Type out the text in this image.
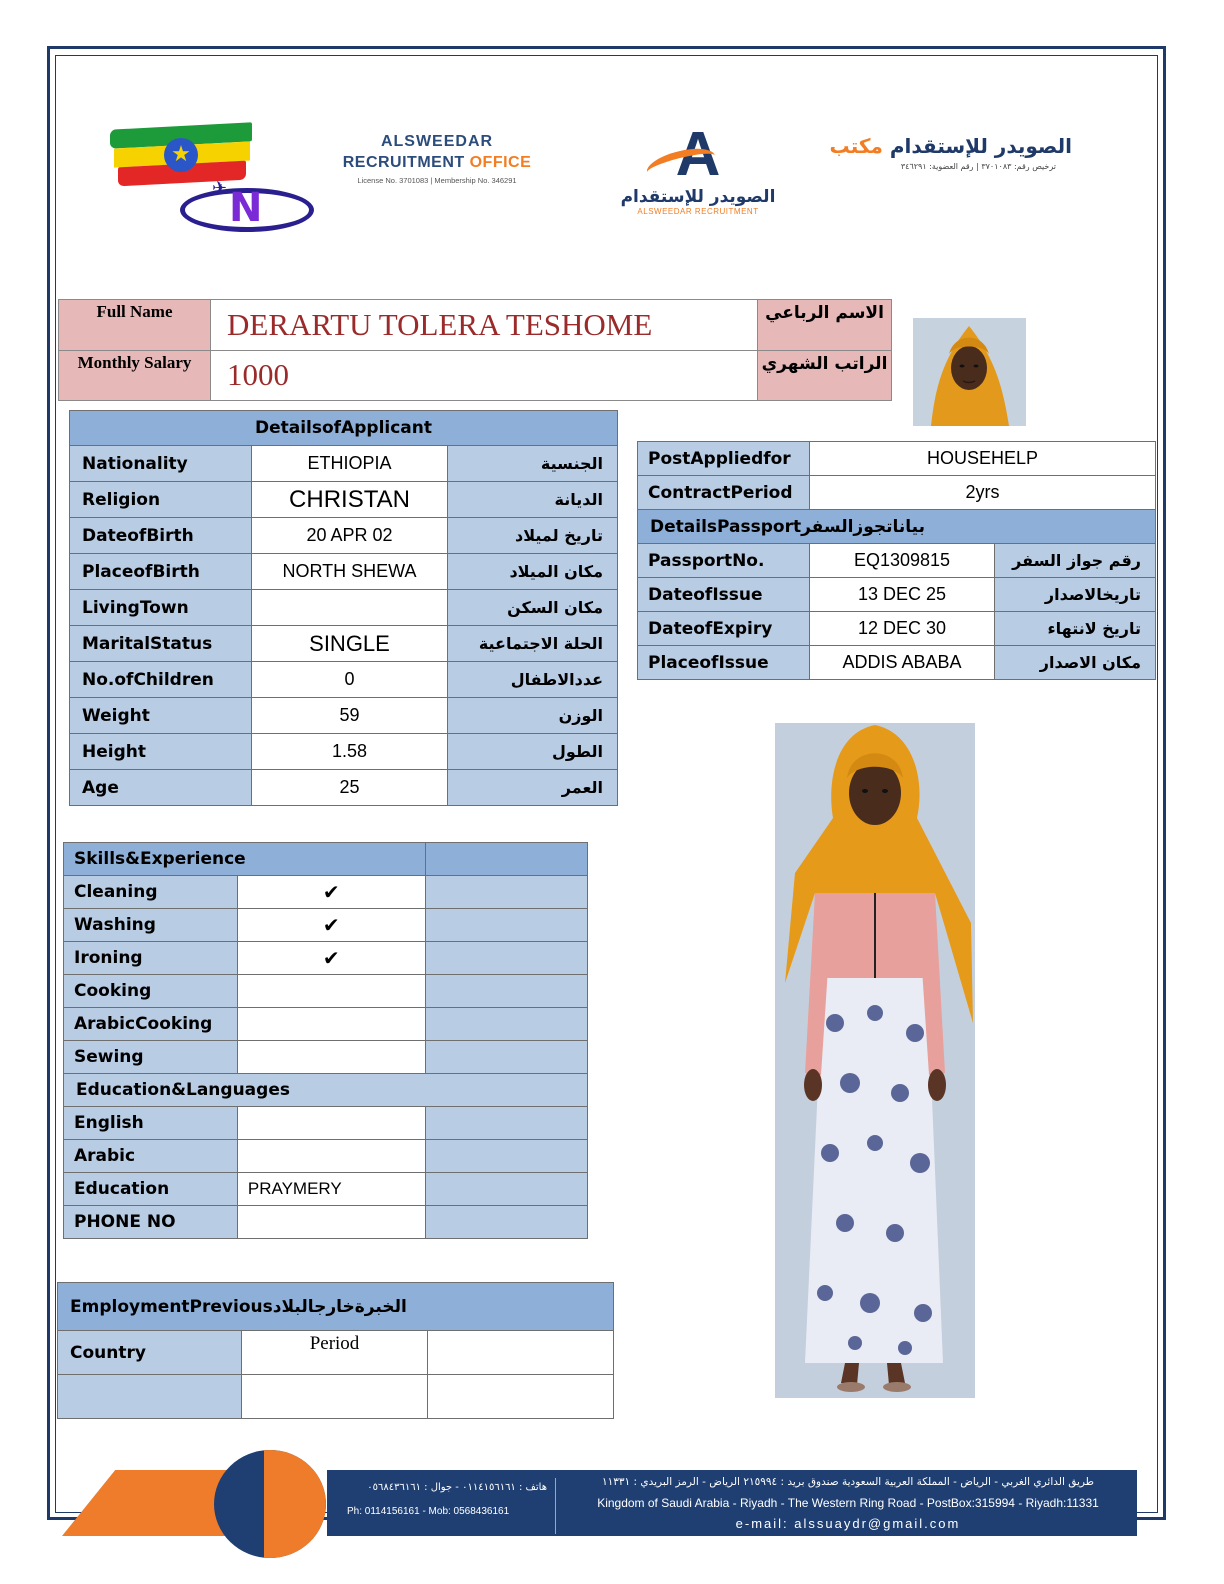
★
N
✈
ALSWEEDAR
RECRUITMENT OFFICE
License No. 3701083 | Membership No. 346291	A
الصويدر للإستقدام
ALSWEEDAR RECRUITMENT
الصويدر للإستقدام مكتب
ترخيص رقم: ٣٧٠١٠٨٣ | رقم العضوية: ٣٤٦٢٩١
Full Name	DERARTU TOLERA TESHOME	الاسم الرباعي
Monthly Salary	1000	الراتب الشهري
DetailsofApplicant		
Nationality	ETHIOPIA	الجنسية
Religion	CHRISTAN	الديانة
DateofBirth	20 APR 02	تاريخ لميلاد
PlaceofBirth	NORTH SHEWA	مكان الميلاد
LivingTown		مكان السكن
MaritalStatus	SINGLE	الحلة الاجتماعية
No.ofChildren	0	عددالاطفال
Weight	59	الوزن
Height	1.58	الطول
Age	25	العمر
PostAppliedfor	HOUSEHELP	
ContractPeriod	2yrs	
DetailsPassportبياناتجوزالسفر		
PassportNo.	EQ1309815	رقم جواز السفر
DateofIssue	13 DEC 25	تاريخالاصدار
DateofExpiry	12 DEC 30	تاريخ لانتهاء
PlaceofIssue	ADDIS ABABA	مكان الاصدار
Skills&Experience		
Cleaning	✔	
Washing	✔	
Ironing	✔	
Cooking		
ArabicCooking		
Sewing		
Education&Languages		
English		
Arabic		
Education	PRAYMERY	
PHONE NO		
EmploymentPreviousالخبرةخارجالبلاد		
Country	Period	

هاتف : ٠١١٤١٥٦١٦١ - جوال : ٠٥٦٨٤٣٦١٦١
Ph: 0114156161 - Mob: 0568436161
طريق الدائري الغربي - الرياض - المملكة العربية السعودية صندوق بريد : ٢١٥٩٩٤ الرياض - الرمز البريدي : ١١٣٣١
Kingdom of Saudi Arabia - Riyadh - The Western Ring Road - PostBox:315994 - Riyadh:11331
e-mail: alssuaydr@gmail.com
